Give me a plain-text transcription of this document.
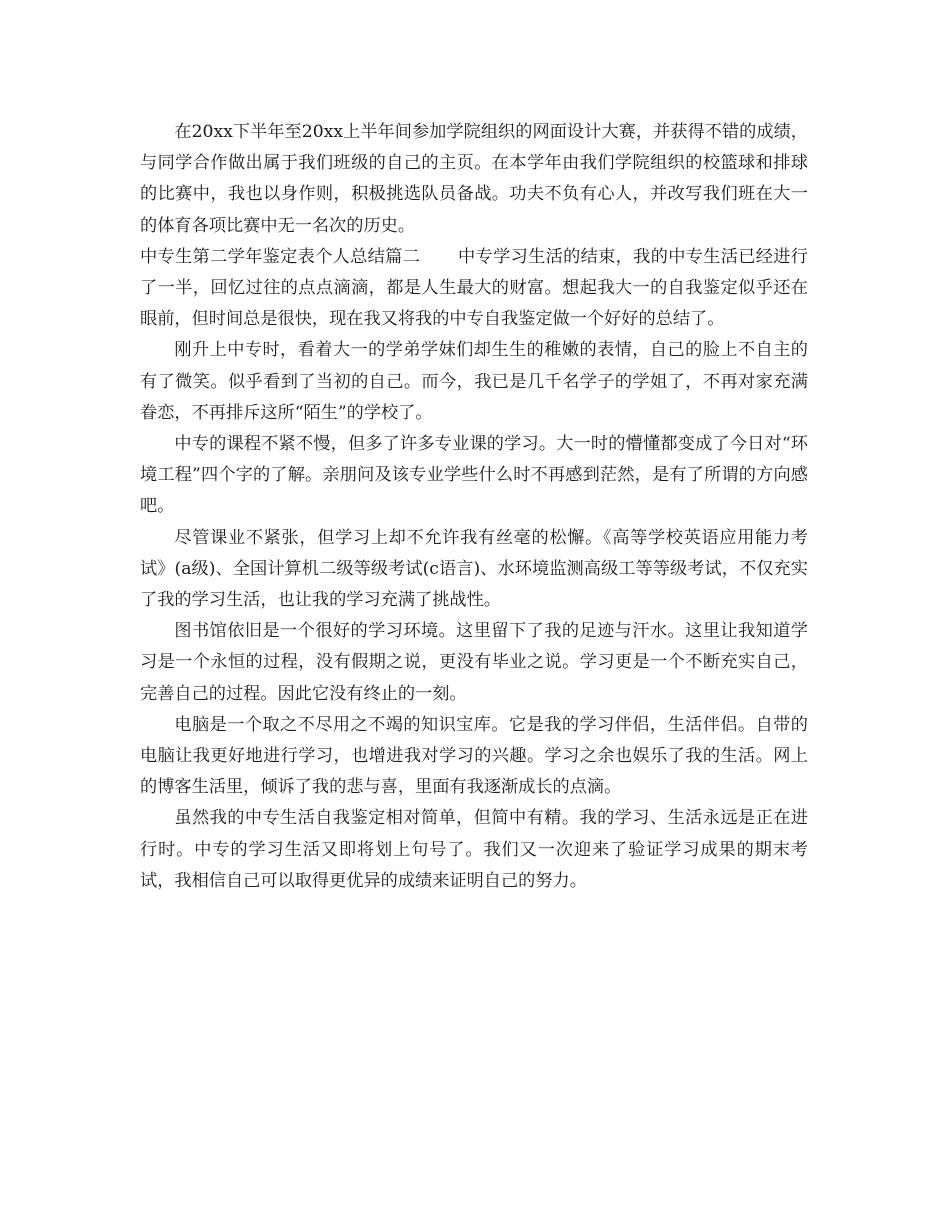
在20xx下半年至20xx上半年间参加学院组织的网面设计大赛，并获得不错的成绩，与同学合作做出属于我们班级的自己的主页。在本学年由我们学院组织的校篮球和排球的比赛中，我也以身作则，积极挑选队员备战。功夫不负有心人，并改写我们班在大一的体育各项比赛中无一名次的历史。

中专生第二学年鉴定表个人总结篇二 中专学习生活的结束，我的中专生活已经进行了一半，回忆过往的点点滴滴，都是人生最大的财富。想起我大一的自我鉴定似乎还在眼前，但时间总是很快，现在我又将我的中专自我鉴定做一个好好的总结了。

刚升上中专时，看着大一的学弟学妹们却生生的稚嫩的表情，自己的脸上不自主的有了微笑。似乎看到了当初的自己。而今，我已是几千名学子的学姐了，不再对家充满眷恋，不再排斥这所“陌生”的学校了。

中专的课程不紧不慢，但多了许多专业课的学习。大一时的懵懂都变成了今日对“环境工程”四个字的了解。亲朋问及该专业学些什么时不再感到茫然，是有了所谓的方向感吧。

尽管课业不紧张，但学习上却不允许我有丝毫的松懈。《高等学校英语应用能力考试》(a级)、全国计算机二级等级考试(c语言)、水环境监测高级工等等级考试，不仅充实了我的学习生活，也让我的学习充满了挑战性。

图书馆依旧是一个很好的学习环境。这里留下了我的足迹与汗水。这里让我知道学习是一个永恒的过程，没有假期之说，更没有毕业之说。学习更是一个不断充实自己，完善自己的过程。因此它没有终止的一刻。

电脑是一个取之不尽用之不竭的知识宝库。它是我的学习伴侣，生活伴侣。自带的电脑让我更好地进行学习，也增进我对学习的兴趣。学习之余也娱乐了我的生活。网上的博客生活里，倾诉了我的悲与喜，里面有我逐渐成长的点滴。

虽然我的中专生活自我鉴定相对简单，但简中有精。我的学习、生活永远是正在进行时。中专的学习生活又即将划上句号了。我们又一次迎来了验证学习成果的期末考试，我相信自己可以取得更优异的成绩来证明自己的努力。
